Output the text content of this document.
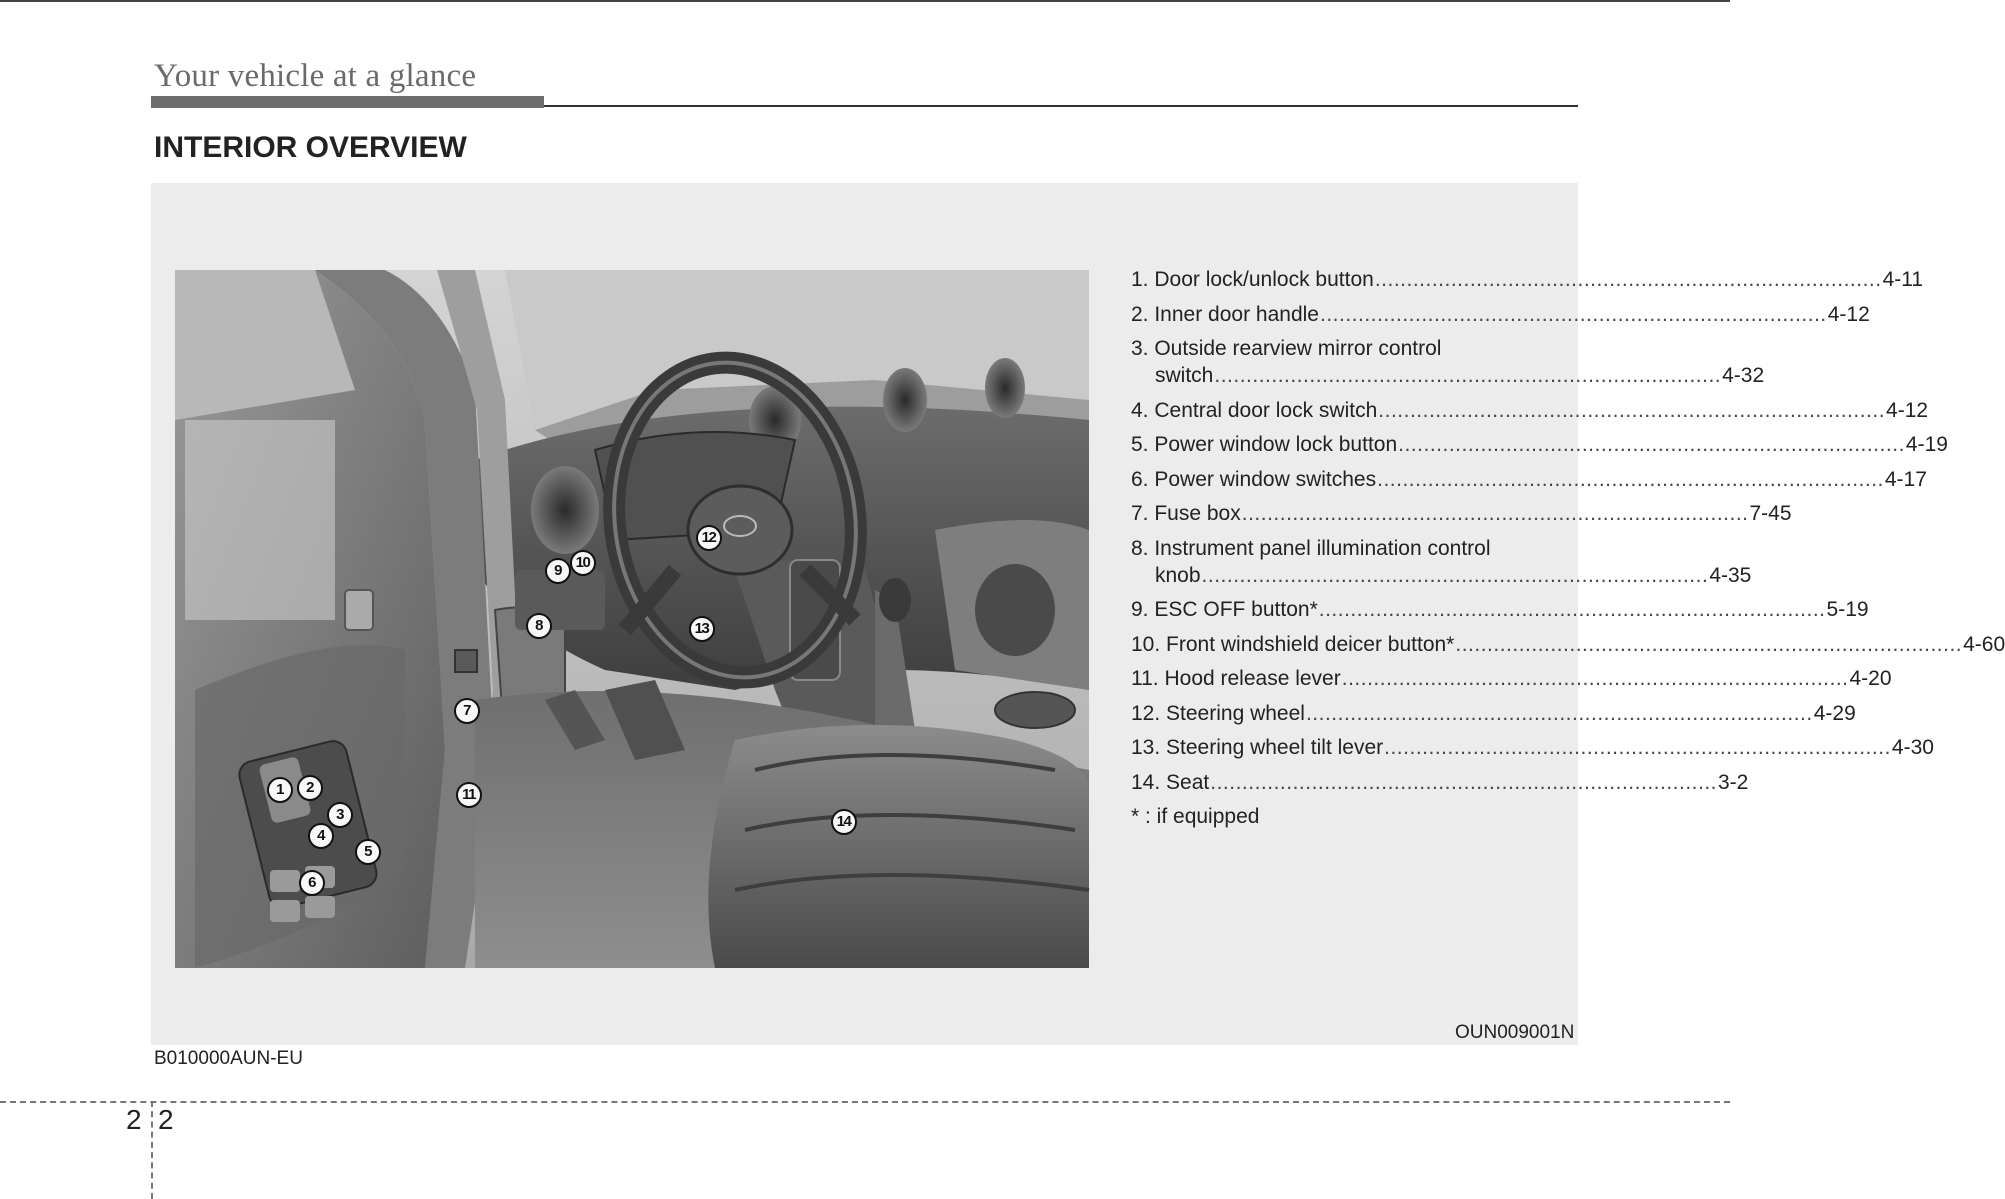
Your vehicle at a glance
INTERIOR OVERVIEW
1	2
3
4
5
6
7
8
9 10
11
12
13
14
1. Door lock/unlock button ................................................................................ 4-11
2. Inner door handle ................................................................................ 4-12
3. Outside rearview mirror control
switch ................................................................................ 4-32
4. Central door lock switch ................................................................................ 4-12
5. Power window lock button ................................................................................ 4-19
6. Power window switches ................................................................................ 4-17
7. Fuse box ................................................................................ 7-45
8. Instrument panel illumination control
knob ................................................................................ 4-35
9. ESC OFF button* ................................................................................ 5-19
10. Front windshield deicer button* ................................................................................ 4-60
11. Hood release lever ................................................................................ 4-20
12. Steering wheel ................................................................................ 4-29
13. Steering wheel tilt lever ................................................................................ 4-30
14. Seat ................................................................................ 3-2
* : if equipped
OUN009001N
B010000AUN-EU
2 2
